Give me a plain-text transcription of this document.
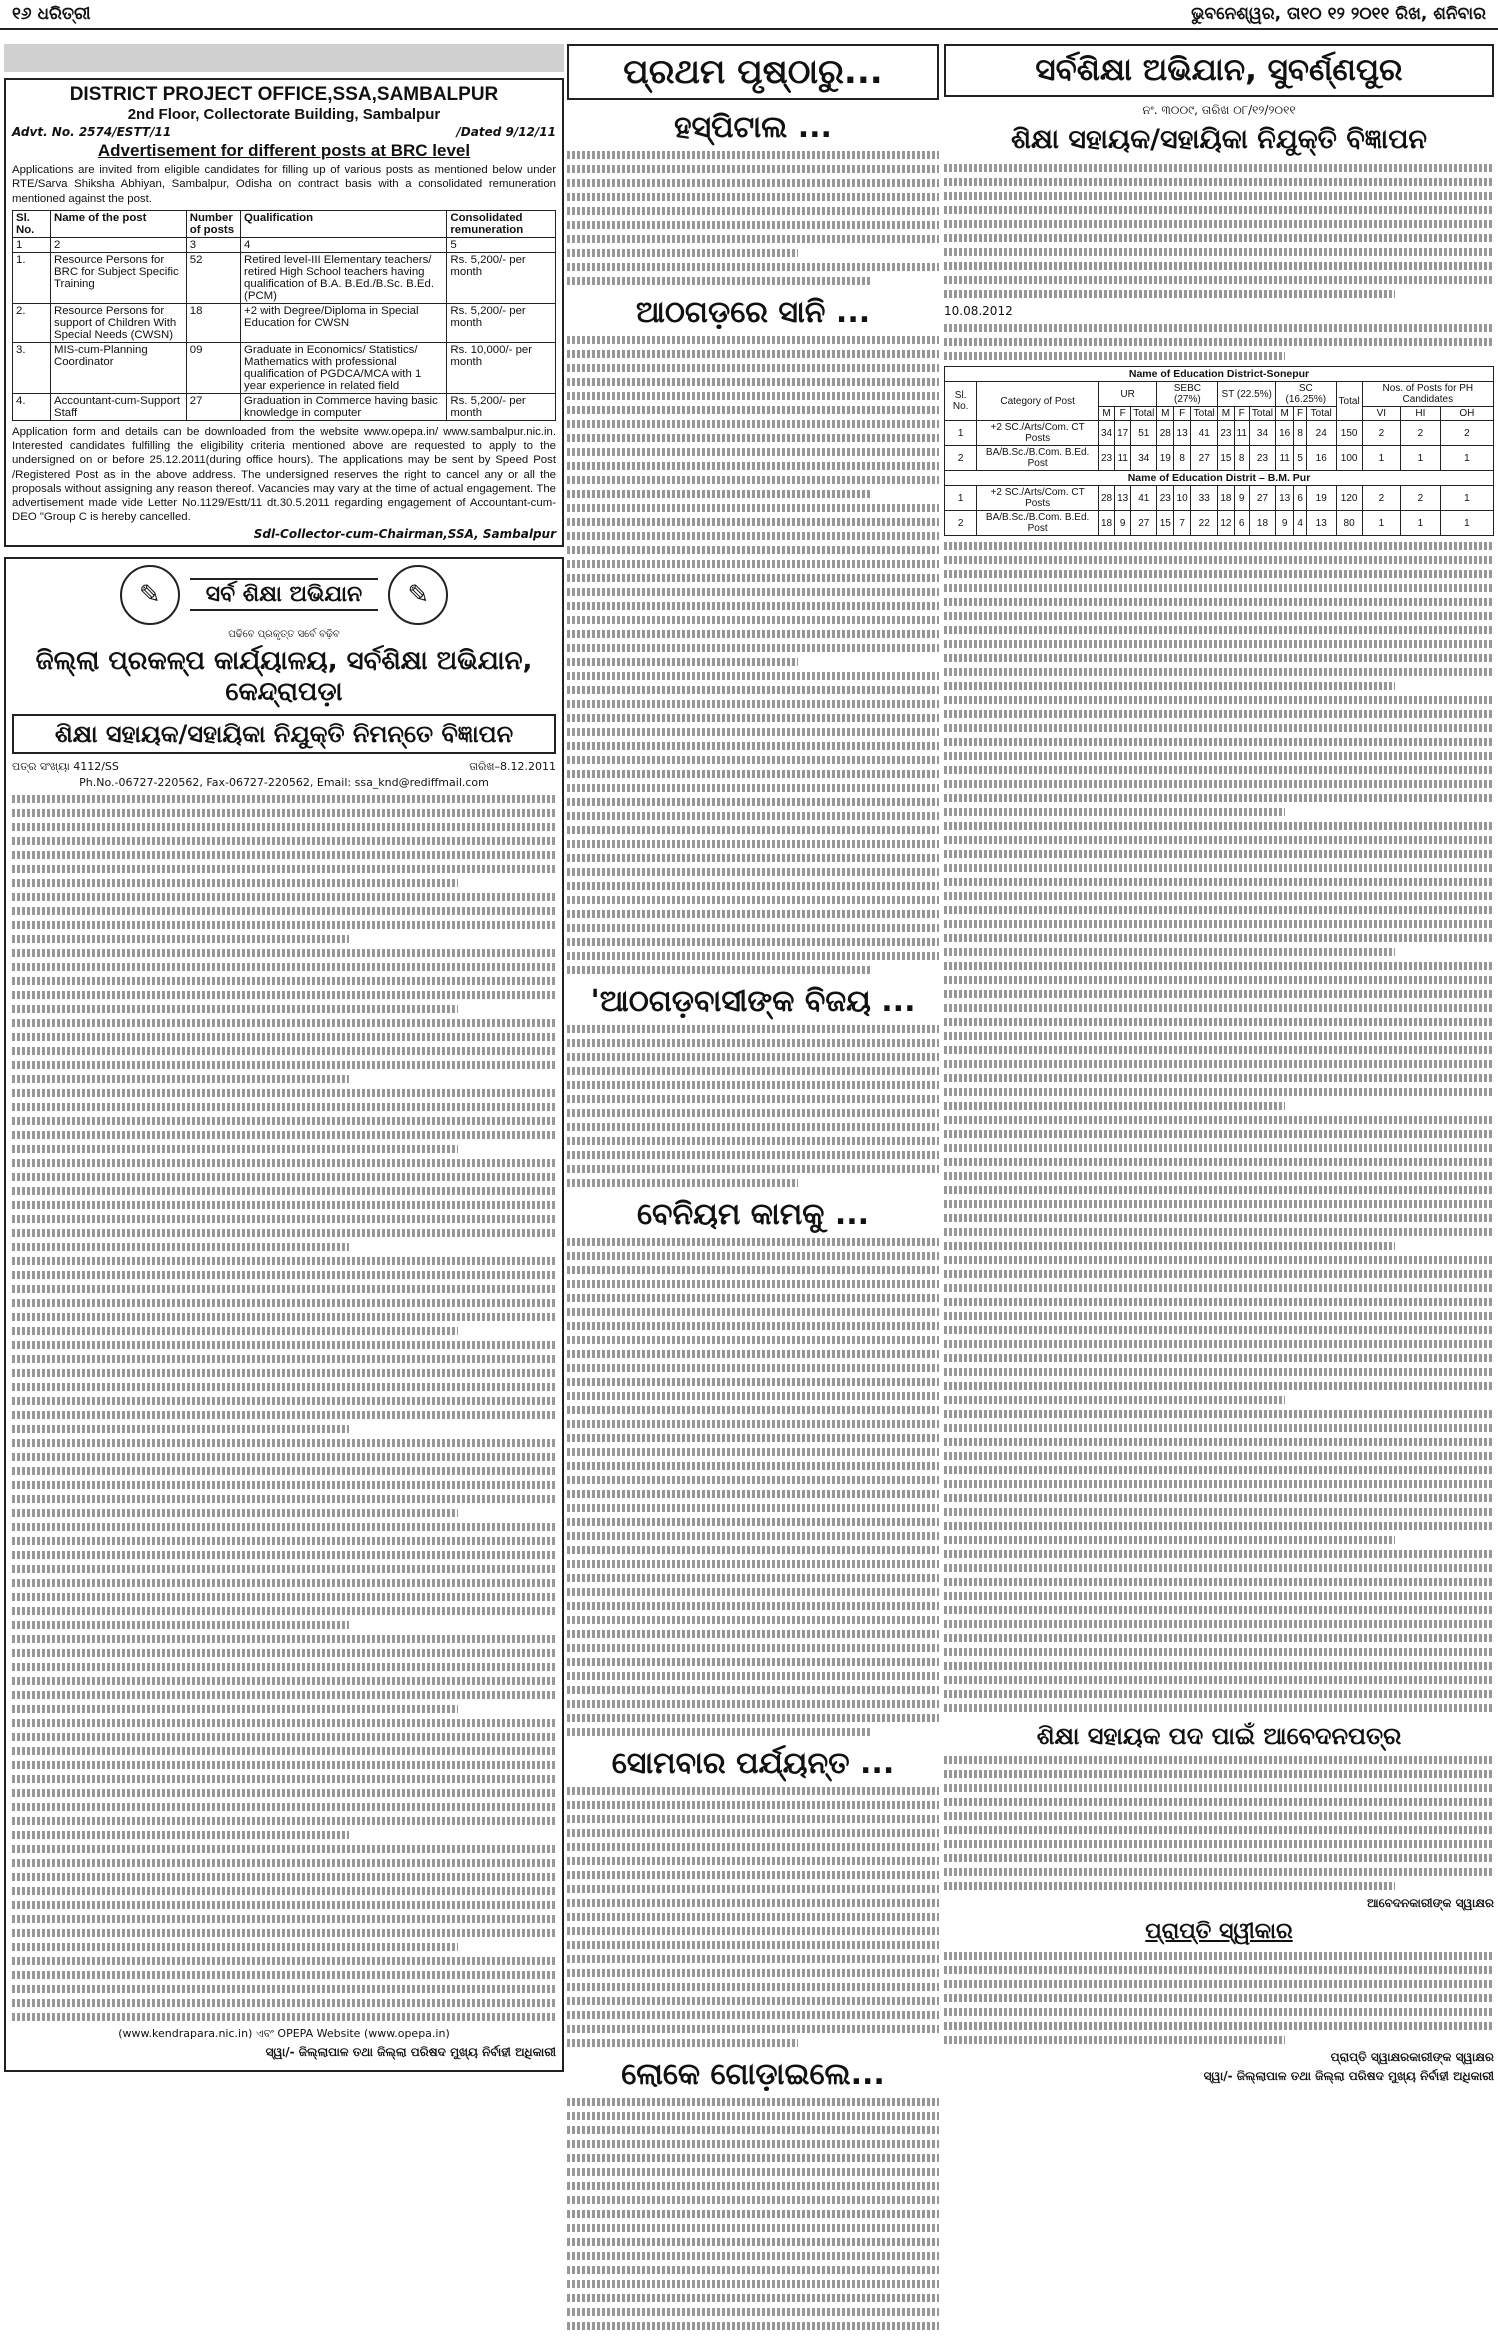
୧୬ ଧରିତ୍ରୀ	ଭୁବନେଶ୍ୱର, ତା୧୦ ୧୨ ୨୦୧୧ ରିଖ, ଶନିବାର
DISTRICT PROJECT OFFICE,SSA,SAMBALPUR
2nd Floor, Collectorate Building, Sambalpur
Advt. No. 2574/ESTT/11	/Dated 9/12/11
Advertisement for different posts at BRC level
Applications are invited from eligible candidates for filling up of various posts as mentioned below under RTE/Sarva Shiksha Abhiyan, Sambalpur, Odisha on contract basis with a consolidated remuneration mentioned against the post.
Sl. No.	Name of the post	Number of posts	Qualification	Consolidated remuneration
1	2	3	4	5
1.	Resource Persons for BRC for Subject Specific Training	52	Retired level-III Elementary teachers/ retired High School teachers having qualification of B.A. B.Ed./B.Sc. B.Ed. (PCM)	Rs. 5,200/- per month
2.	Resource Persons for support of Children With Special Needs (CWSN)	18	+2 with Degree/Diploma in Special Education for CWSN	Rs. 5,200/- per month
3.	MIS-cum-Planning Coordinator	09	Graduate in Economics/ Statistics/ Mathematics with professional qualification of PGDCA/MCA with 1 year experience in related field	Rs. 10,000/- per month
4.	Accountant-cum-Support Staff	27	Graduation in Commerce having basic knowledge in computer	Rs. 5,200/- per month
Application form and details can be downloaded from the website www.opepa.in/ www.sambalpur.nic.in. Interested candidates fulfilling the eligibility criteria mentioned above are requested to apply to the undersigned on or before 25.12.2011(during office hours). The applications may be sent by Speed Post /Registered Post as in the above address. The undersigned reserves the right to cancel any or all the proposals without assigning any reason thereof. Vacancies may vary at the time of actual engagement. The advertisement made vide Letter No.1129/Estt/11 dt.30.5.2011 regarding engagement of Accountant-cum-DEO "Group C is hereby cancelled.
Sdl-Collector-cum-Chairman,SSA, Sambalpur
✎	ସର୍ବ ଶିକ୍ଷା ଅଭିଯାନ	✎
ପଢିବେ ପ୍ରକୃତ୍ତ ସର୍ବେ ବଢ଼ିବ
ଜିଲ୍ଲା ପ୍ରକଳ୍ପ କାର୍ଯ୍ୟାଳୟ, ସର୍ବଶିକ୍ଷା ଅଭିଯାନ, କେନ୍ଦ୍ରାପଡ଼ା
ଶିକ୍ଷା ସହାୟକ/ସହାୟିକା ନିଯୁକ୍ତି ନିମନ୍ତେ ବିଜ୍ଞାପନ
ପତ୍ର ସଂଖ୍ୟା 4112/SS	ତାରିଖ–8.12.2011
Ph.No.-06727-220562, Fax-06727-220562, Email: ssa_knd@rediffmail.com
(www.kendrapara.nic.in) ଏବଂ OPEPA Website (www.opepa.in)
ସ୍ୱା/- ଜିଲ୍ଲାପାଳ ତଥା ଜିଲ୍ଲା ପରିଷଦ ମୁଖ୍ୟ ନିର୍ବାହୀ ଅଧିକାରୀ
ପ୍ରଥମ ପୃଷ୍ଠାରୁ...
ହସ୍ପିଟାଲ ...
ଆଠଗଡ଼ରେ ସାନି ...
'ଆଠଗଡ଼ବାସୀଙ୍କ ବିଜୟ ...
ବେନିୟମ କାମକୁ ...
ସୋମବାର ପର୍ଯ୍ୟନ୍ତ ...
ଲୋକେ ଗୋଡ଼ାଇଲେ...
ସର୍ବଶିକ୍ଷା ଅଭିଯାନ, ସୁବର୍ଣ୍ଣପୁର
ନଂ. ୩୦୦୯, ତାରିଖ ୦୮/୧୨/୨୦୧୧
ଶିକ୍ଷା ସହାୟକ/ସହାୟିକା ନିଯୁକ୍ତି ବିଜ୍ଞାପନ
10.08.2012
Name of Education District-Sonepur																	
Sl. No.	Category of Post	UR			SEBC (27%)			ST (22.5%)			SC (16.25%)			Total	Nos. of Posts for PH Candidates		
		M	F	Total	M	F	Total	M	F	Total	M	F	Total		VI	HI	OH
1	+2 SC./Arts/Com. CT Posts	34	17	51	28	13	41	23	11	34	16	8	24	150	2	2	2
2	BA/B.Sc./B.Com. B.Ed. Post	23	11	34	19	8	27	15	8	23	11	5	16	100	1	1	1
Name of Education Distrit – B.M. Pur																	
1	+2 SC./Arts/Com. CT Posts	28	13	41	23	10	33	18	9	27	13	6	19	120	2	2	1
2	BA/B.Sc./B.Com. B.Ed. Post	18	9	27	15	7	22	12	6	18	9	4	13	80	1	1	1
ଶିକ୍ଷା ସହାୟକ ପଦ ପାଇଁ ଆବେଦନପତ୍ର
ଆବେଦନକାରୀଙ୍କ ସ୍ୱାକ୍ଷର
ପ୍ରାପ୍ତି ସ୍ୱୀକାର
ପ୍ରାପ୍ତି ସ୍ୱାକ୍ଷରକାରୀଙ୍କ ସ୍ୱାକ୍ଷର
ସ୍ୱା/- ଜିଲ୍ଲାପାଳ ତଥା ଜିଲ୍ଲା ପରିଷଦ ମୁଖ୍ୟ ନିର୍ବାହୀ ଅଧିକାରୀ
